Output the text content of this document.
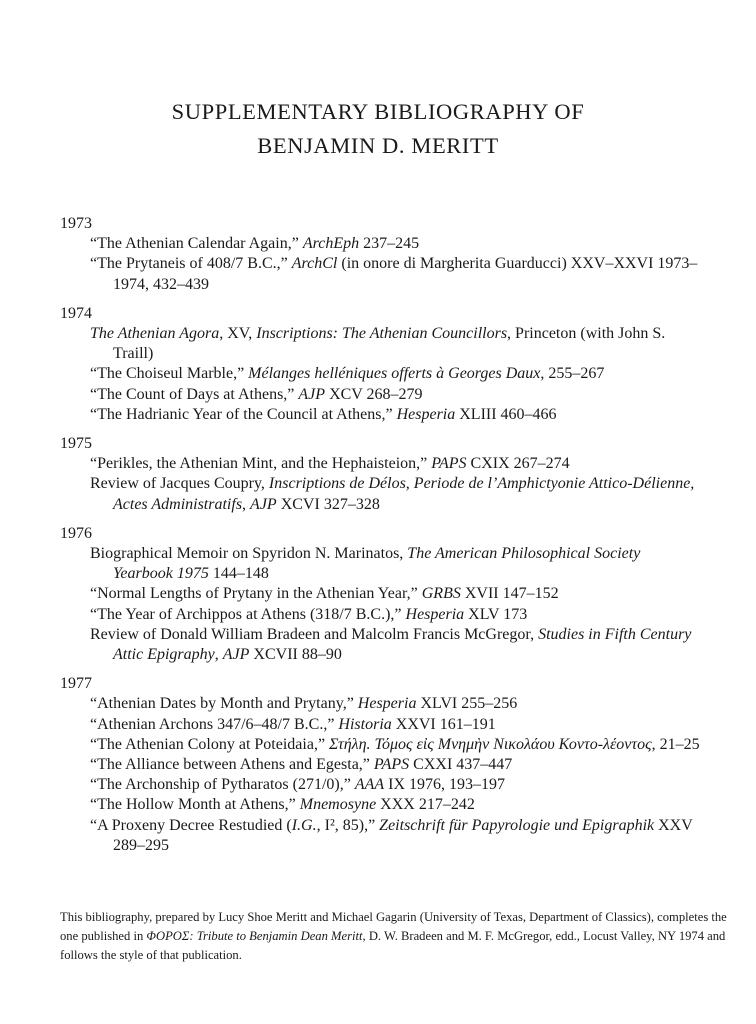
SUPPLEMENTARY BIBLIOGRAPHY OF
BENJAMIN D. MERITT
1973
“The Athenian Calendar Again,” ArchEph 237–245
“The Prytaneis of 408/7 B.C.,” ArchCl (in onore di Margherita Guarducci) XXV–XXVI 1973–1974, 432–439
1974
The Athenian Agora, XV, Inscriptions: The Athenian Councillors, Princeton (with John S. Traill)
“The Choiseul Marble,” Mélanges helléniques offerts à Georges Daux, 255–267
“The Count of Days at Athens,” AJP XCV 268–279
“The Hadrianic Year of the Council at Athens,” Hesperia XLIII 460–466
1975
“Perikles, the Athenian Mint, and the Hephaisteion,” PAPS CXIX 267–274
Review of Jacques Coupry, Inscriptions de Délos, Periode de l’Amphictyonie Attico-Délienne, Actes Administratifs, AJP XCVI 327–328
1976
Biographical Memoir on Spyridon N. Marinatos, The American Philosophical Society Yearbook 1975 144–148
“Normal Lengths of Prytany in the Athenian Year,” GRBS XVII 147–152
“The Year of Archippos at Athens (318/7 B.C.),” Hesperia XLV 173
Review of Donald William Bradeen and Malcolm Francis McGregor, Studies in Fifth Century Attic Epigraphy, AJP XCVII 88–90
1977
“Athenian Dates by Month and Prytany,” Hesperia XLVI 255–256
“Athenian Archons 347/6–48/7 B.C.,” Historia XXVI 161–191
“The Athenian Colony at Poteidaia,” Στήλη. Τόμος εἰς Μνημὴν Νικολάου Κοντο-λέοντος, 21–25
“The Alliance between Athens and Egesta,” PAPS CXXI 437–447
“The Archonship of Pytharatos (271/0),” AAA IX 1976, 193–197
“The Hollow Month at Athens,” Mnemosyne XXX 217–242
“A Proxeny Decree Restudied (I.G., I², 85),” Zeitschrift für Papyrologie und Epigraphik XXV 289–295
This bibliography, prepared by Lucy Shoe Meritt and Michael Gagarin (University of Texas, Department of Classics), completes the one published in ΦΟΡΟΣ: Tribute to Benjamin Dean Meritt, D. W. Bradeen and M. F. McGregor, edd., Locust Valley, NY 1974 and follows the style of that publication.
